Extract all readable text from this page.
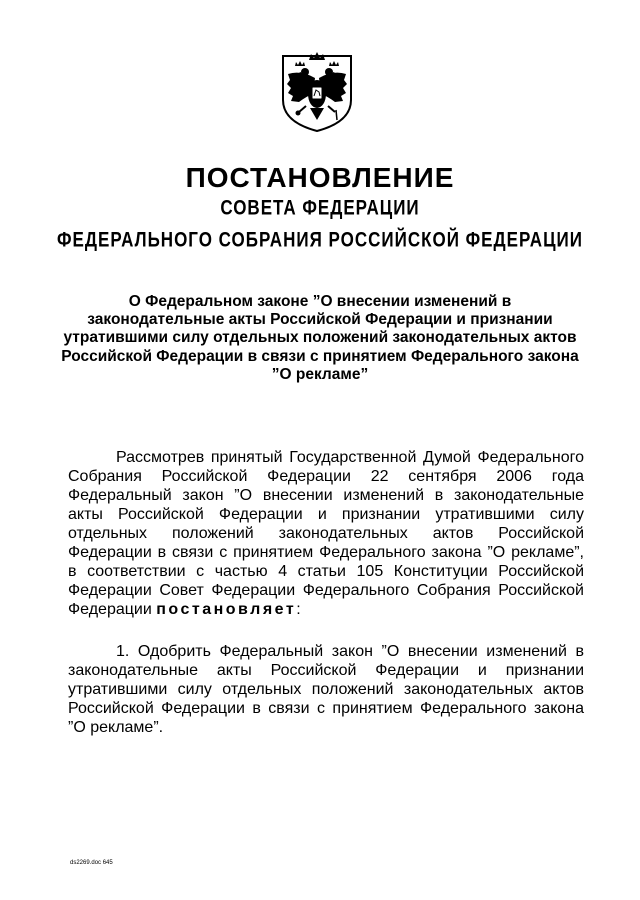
ПОСТАНОВЛЕНИЕ
СОВЕТА ФЕДЕРАЦИИ
ФЕДЕРАЛЬНОГО СОБРАНИЯ РОССИЙСКОЙ ФЕДЕРАЦИИ

О Федеральном законе ”О внесении изменений в законодательные акты Российской Федерации и признании утратившими силу отдельных положений законодательных актов Российской Федерации в связи с принятием Федерального закона ”О рекламе”

Рассмотрев принятый Государственной Думой Федерального Собрания Российской Федерации 22 сентября 2006 года Федеральный закон ”О внесении изменений в законодательные акты Российской Федерации и признании утратившими силу отдельных положений законодательных актов Российской Федерации в связи с принятием Федерального закона ”О рекламе”, в соответствии с частью 4 статьи 105 Конституции Российской Федерации Совет Федерации Федерального Собрания Российской Федерации постановляет:

1. Одобрить Федеральный закон ”О внесении изменений в законодательные акты Российской Федерации и признании утратившими силу отдельных положений законодательных актов Российской Федерации в связи с принятием Федерального закона ”О рекламе”.

ds2269.doc 645
